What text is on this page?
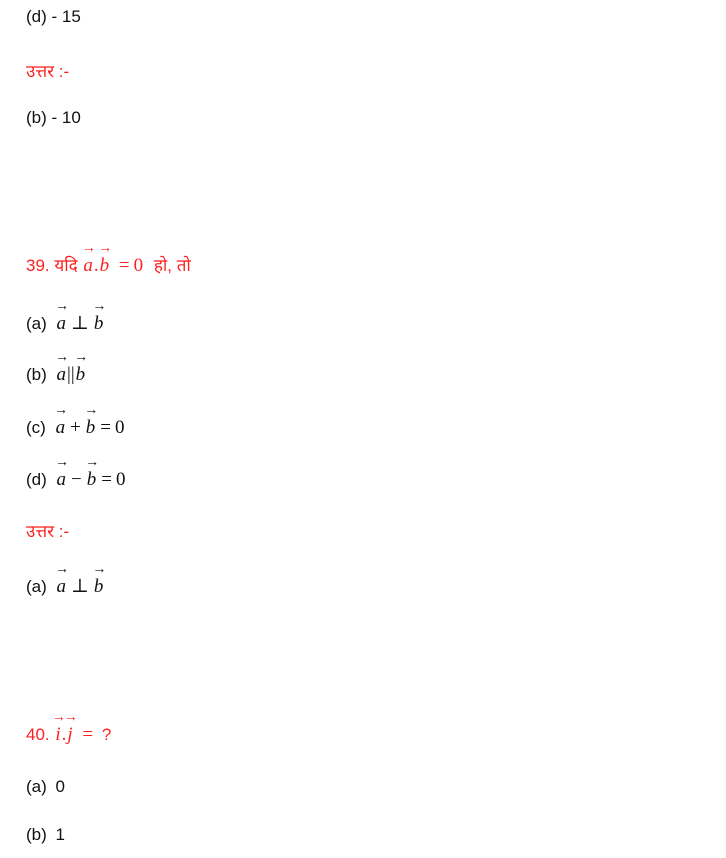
(d) - 15
उत्तर :-
(b) - 10
39. यदि → a.→ b = 0 हो, तो
(a) → a ⊥ → b
(b) → a||→ b
(c) → a + → b = 0
(d) → a − → b = 0
उत्तर :-
(a) → a ⊥ → b
40. → i.→ j = ?
(a) 0
(b) 1
